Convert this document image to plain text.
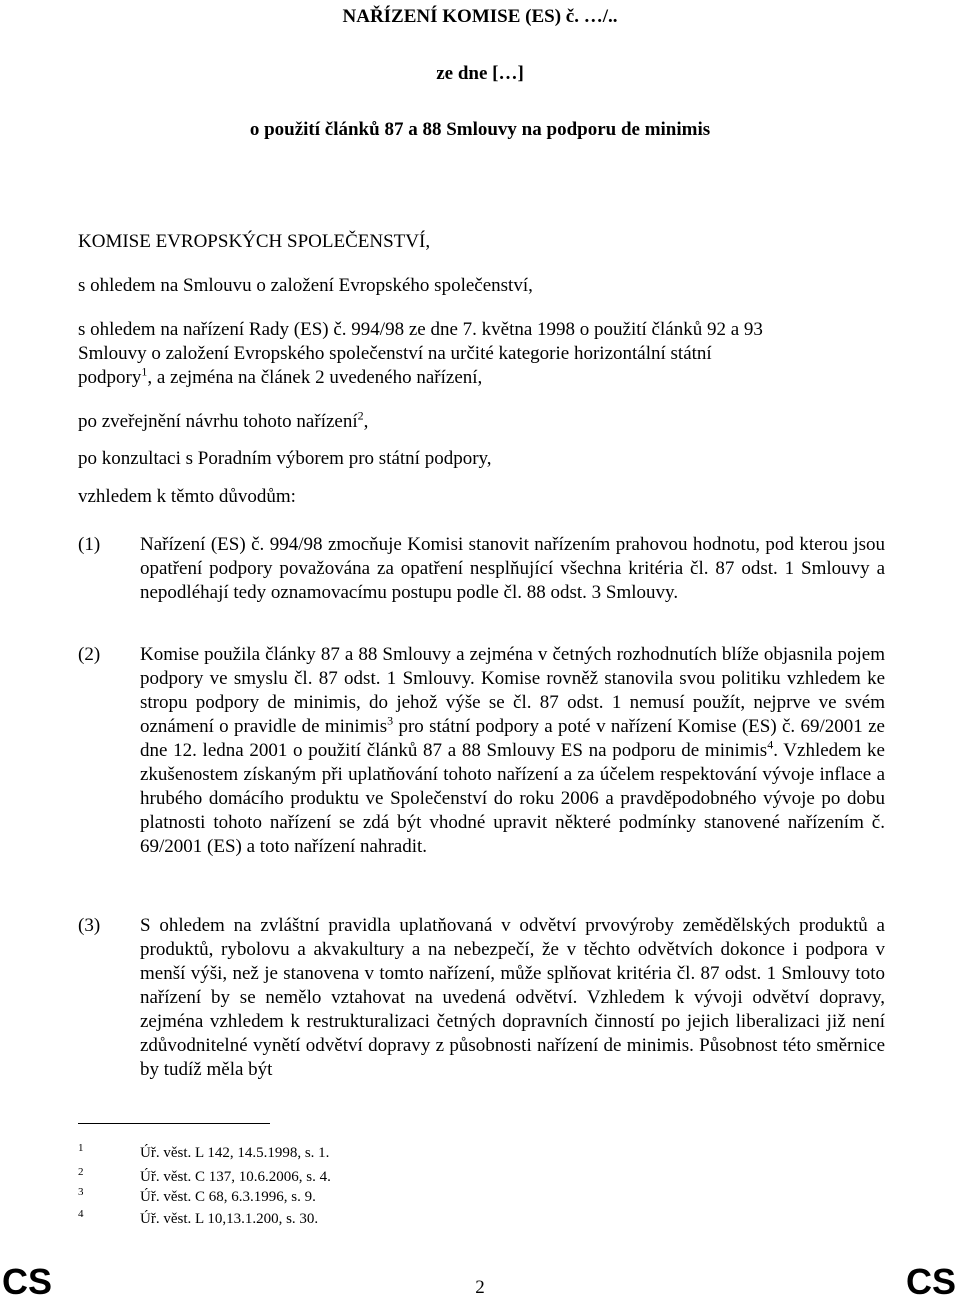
NAŘÍZENÍ KOMISE (ES) č. …/..
ze dne […]
o použití článků 87 a 88 Smlouvy na podporu de minimis
KOMISE EVROPSKÝCH SPOLEČENSTVÍ,
s ohledem na Smlouvu o založení Evropského společenství,
s ohledem na nařízení Rady (ES) č. 994/98 ze dne 7. května 1998 o použití článků 92 a 93
Smlouvy o založení Evropského společenství na určité kategorie horizontální státní
podpory$^1$, a zejména na článek 2 uvedeného nařízení,
po zveřejnění návrhu tohoto nařízení$^2$,
po konzultaci s Poradním výborem pro státní podpory,
vzhledem k těmto důvodům:
(1) Nařízení (ES) č. 994/98 zmocňuje Komisi stanovit nařízením prahovou hodnotu, pod kterou jsou opatření podpory považována za opatření nesplňující všechna kritéria čl. 87 odst. 1 Smlouvy a nepodléhají tedy oznamovacímu postupu podle čl. 88 odst. 3 Smlouvy.

(2) Komise použila články 87 a 88 Smlouvy a zejména v četných rozhodnutích blíže objasnila pojem podpory ve smyslu čl. 87 odst. 1 Smlouvy. Komise rovněž stanovila svou politiku vzhledem ke stropu podpory de minimis, do jehož výše se čl. 87 odst. 1 nemusí použít, nejprve ve svém oznámení o pravidle de minimis$^3$ pro státní podpory a poté v nařízení Komise (ES) č. 69/2001 ze dne 12. ledna 2001 o použití článků 87 a 88 Smlouvy ES na podporu de minimis$^4$. Vzhledem ke zkušenostem získaným při uplatňování tohoto nařízení a za účelem respektování vývoje inflace a hrubého domácího produktu ve Společenství do roku 2006 a pravděpodobného vývoje po dobu platnosti tohoto nařízení se zdá být vhodné upravit některé podmínky stanovené nařízením č. 69/2001 (ES) a toto nařízení nahradit.

(3) S ohledem na zvláštní pravidla uplatňovaná v odvětví prvovýroby zemědělských produktů a produktů, rybolovu a akvakultury a na nebezpečí, že v těchto odvětvích dokonce i podpora v menší výši, než je stanovena v tomto nařízení, může splňovat kritéria čl. 87 odst. 1 Smlouvy toto nařízení by se nemělo vztahovat na uvedená odvětví. Vzhledem k vývoji odvětví dopravy, zejména vzhledem k restrukturalizaci četných dopravních činností po jejich liberalizaci již není zdůvodnitelné vynětí odvětví dopravy z působnosti nařízení de minimis. Působnost této směrnice by tudíž měla být

1	Úř. věst. L 142, 14.5.1998, s. 1.
2	Úř. věst. C 137, 10.6.2006, s. 4.
3	Úř. věst. C 68, 6.3.1996, s. 9.
4	Úř. věst. L 10,13.1.200, s. 30.
CS	2	CS
